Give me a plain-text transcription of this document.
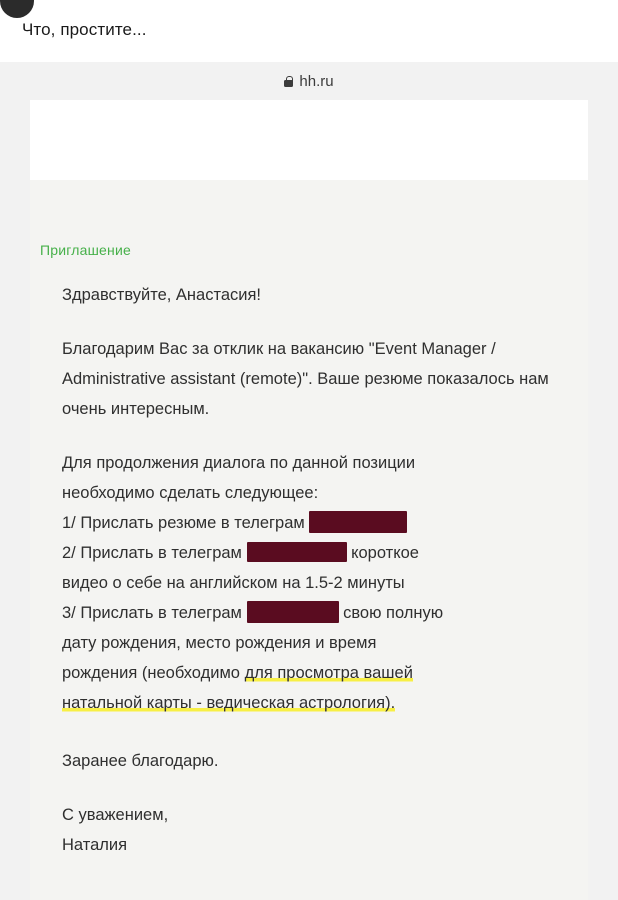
Что, простите...
hh.ru
Приглашение

Здравствуйте, Анастасия!

Благодарим Вас за отклик на вакансию "Event Manager / Administrative assistant (remote)". Ваше резюме показалось нам очень интересным.

Для продолжения диалога по данной позиции
необходимо сделать следующее:
1/ Прислать резюме в телеграм
2/ Прислать в телеграм	короткое
видео о себе на английском на 1.5-2 минуты
3/ Прислать в телеграм	свою полную
дату рождения, место рождения и время
рождения (необходимо для просмотра вашей
натальной карты - ведическая астрология).

Заранее благодарю.

С уважением,
Наталия
